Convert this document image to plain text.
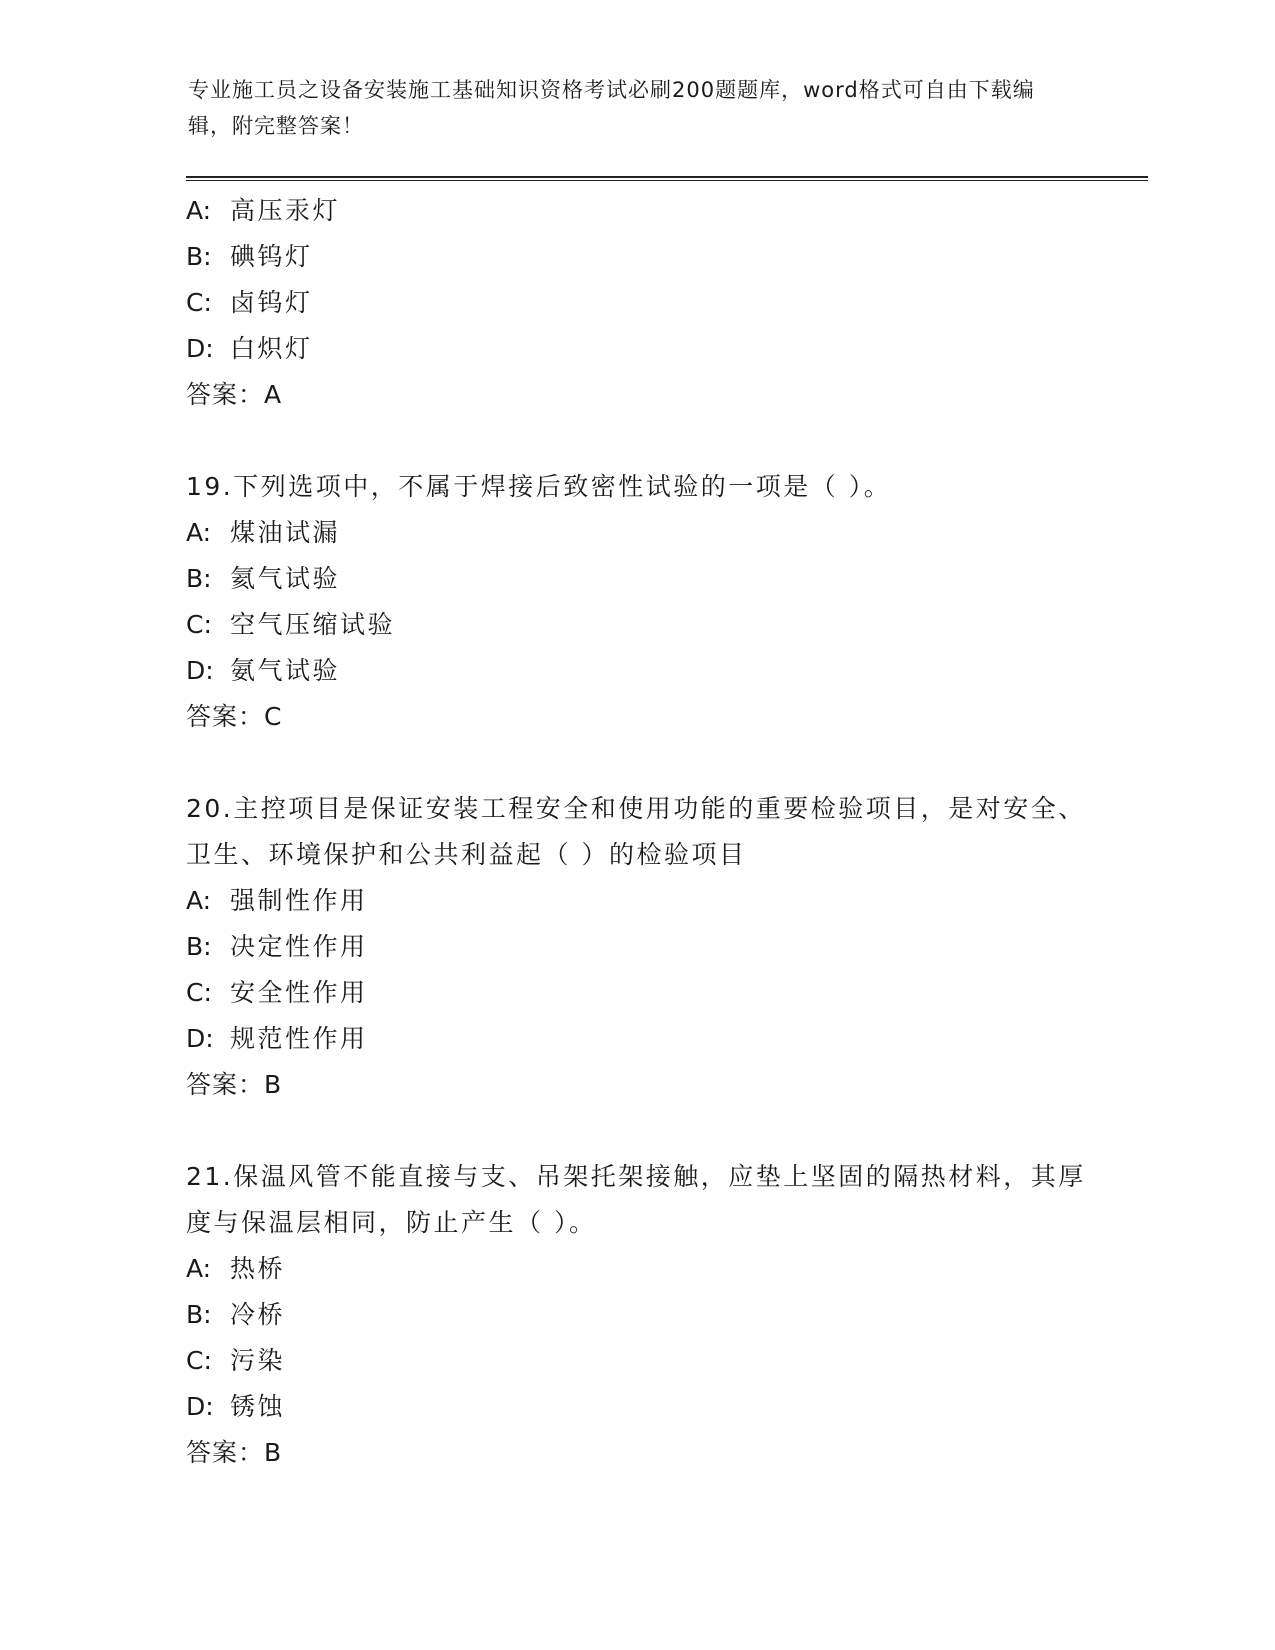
专业施工员之设备安装施工基础知识资格考试必刷200题题库，word格式可自由下载编辑，附完整答案！
A: 高压汞灯
B: 碘钨灯
C: 卤钨灯
D: 白炽灯
答案：A
19.下列选项中，不属于焊接后致密性试验的一项是（ ）。
A: 煤油试漏
B: 氦气试验
C: 空气压缩试验
D: 氨气试验
答案：C
20.主控项目是保证安装工程安全和使用功能的重要检验项目，是对安全、卫生、环境保护和公共利益起（ ）的检验项目
A: 强制性作用
B: 决定性作用
C: 安全性作用
D: 规范性作用
答案：B
21.保温风管不能直接与支、吊架托架接触，应垫上坚固的隔热材料，其厚度与保温层相同，防止产生（ ）。
A: 热桥
B: 冷桥
C: 污染
D: 锈蚀
答案：B
